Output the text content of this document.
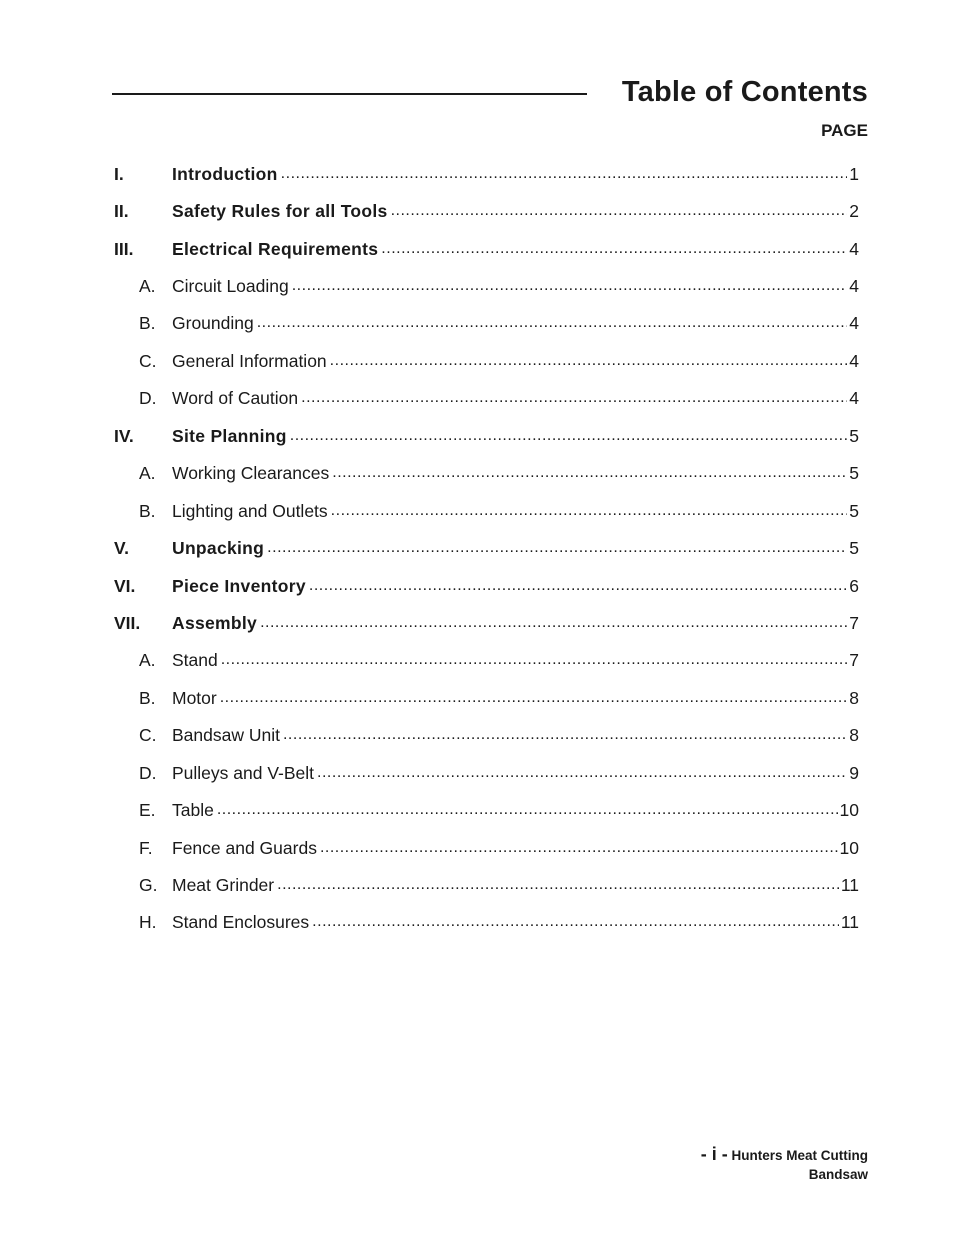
Table of Contents
PAGE
I.	Introduction .....	1
II.	Safety Rules for all Tools .....	2
III.	Electrical Requirements .....	4
A. Circuit Loading .....	4
B. Grounding .....	4
C. General Information .....	4
D. Word of Caution .....	4
IV.	Site Planning .....	5
A. Working Clearances .....	5
B. Lighting and Outlets .....	5
V.	Unpacking .....	5
VI.	Piece Inventory .....	6
VII.	Assembly .....	7
A. Stand .....	7
B. Motor .....	8
C. Bandsaw Unit .....	8
D. Pulleys and V-Belt .....	9
E. Table .....	10
F.	Fence and Guards .....	10
G. Meat Grinder .....	11
H. Stand Enclosures .....	11
- i - Hunters Meat Cutting
Bandsaw
